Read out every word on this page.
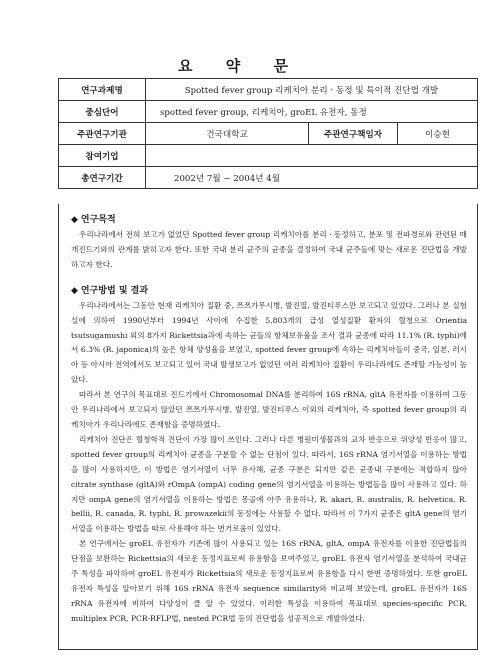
요 약 문
연구과제명	Spotted fever group 리케치아 분리ㆍ동정 및 특이적 진단법 개발		
중심단어	spotted fever group, 리케치아, groEL 유전자, 동정		
주관연구기관	건국대학교	주관연구책임자	이승현
참여기업			
총연구기간	2002년 7월 ~ 2004년 4월		
◆ 연구목적

우리나라에서 전혀 보고가 없었던 Spotted fever group 리케치아를 분리ㆍ동정하고, 분포 및 전파경로와 관련된 매개진드기와의 관계를 밝히고자 한다. 또한 국내 분리 균주의 균종을 결정하여 국내 균주들에 맞는 새로운 진단법을 개발하고자 한다.

◆ 연구방법 및 결과

우리나라에서는 그동안 현재 리케치아 질환 중, 쯔쯔가무시병, 발진열, 발진티푸스만 보고되고 있었다. 그러나 본 실험실에 의하여 1990년부터 1994년 사이에 수집한 5,803개의 급성 열성질환 환자의 혈청으로 Orientia tsutsugamushi 외의 8가지 Rickettsia과에 속하는 균들의 항체보유율을 조사 결과 균종에 따라 11.1% (R. typhi)에서 6.3% (R. japonica)의 높은 항체 양성율을 보였고, spotted fever group에 속하는 리케치아들이 중국, 일본, 러시아 등 아시아 전역에서도 보고되고 있어 국내 발생보고가 없었던 여러 리케치아 질환이 우리나라에도 존재할 가능성이 높았다.

따라서 본 연구의 목표대로 진드기에서 Chromosomal DNA를 분리하여 16S rRNA, gltA 유전자를 이용하여 그동안 우리나라에서 보고되지 않았던 쯔쯔가무시병, 발진열, 발진티푸스 이외의 리케치아, 즉 spotted fever group의 리케치아가 우리나라에도 존재함을 증명하였다.

리케치아 진단은 혈청학적 진단이 가장 많이 쓰인다. 그러나 다른 병원미생물과의 교차 반응으로 위양성 반응이 많고, spotted fever group의 리케치아 균종을 구분할 수 없는 단점이 있다. 따라서, 16S rRNA 염기서열을 이용하는 방법을 많이 사용하지만, 이 방법은 염기서열이 너무 유사해, 균종 구분은 되지만 같은 균종내 구분에는 적합하지 않아 citrate synthase (gltA)와 rOmpA (ompA) coding gene의 염기서열을 이용하는 방법들을 많이 사용하고 있다. 하지만 ompA gene의 염기서열을 이용하는 방법은 몽골에 아주 유용하나, R. akari, R. australis, R. helvetica, R. bellii, R. canada, R. typhi, R. prowazekii의 동정에는 사용할 수 없다. 따라서 이 7가지 균종은 gltA gene의 염기서열을 이용하는 방법을 따로 사용해야 하는 번거로움이 있었다.

본 연구에서는 groEL 유전자가 기존에 많이 사용되고 있는 16S rRNA, gltA, ompA 유전자를 이용한 진단법들의 단점을 보완하는 Rickettsia의 새로운 동정지표로써 유용함을 보여주었고, groEL 유전자 염기서열을 분석하여 국내균주 특성을 파악하여 groEL 유전자가 Rickettsia의 새로운 동정지표로써 유용함을 다시 한번 증명하였다. 또한 groEL 유전자 특성을 알아보기 위해 16S rRNA 유전자 sequence similarity와 비교해 보았는데, groEL 유전자가 16S rRNA 유전자에 비하여 다양성이 클 알 수 있었다. 이러한 특성을 이용하여 목표대로 species-specific PCR, multiplex PCR, PCR-RFLP법, nested PCR법 등의 진단법을 성공적으로 개발하였다.
